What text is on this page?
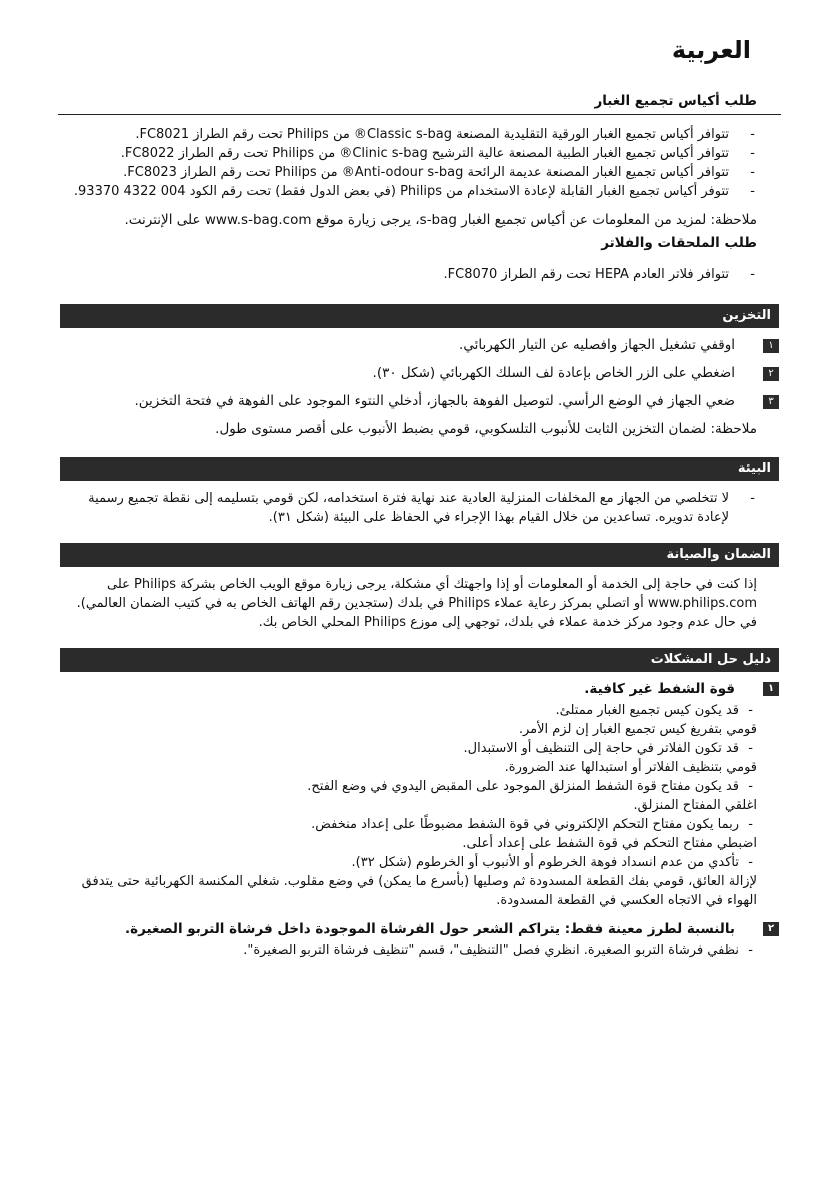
العربية
طلب أكياس تجميع الغبار
- تتوافر أكياس تجميع الغبار الورقية التقليدية المصنعة Classic s-bag® من Philips تحت رقم الطراز FC8021.
- تتوافر أكياس تجميع الغبار الطبية المصنعة عالية الترشيح Clinic s-bag® من Philips تحت رقم الطراز FC8022.
- تتوافر أكياس تجميع الغبار المصنعة عديمة الرائحة Anti-odour s-bag® من Philips تحت رقم الطراز FC8023.
- تتوفر أكياس تجميع الغبار القابلة لإعادة الاستخدام من Philips (في بعض الدول فقط) تحت رقم الكود 004 4322 93370.

ملاحظة: لمزيد من المعلومات عن أكياس تجميع الغبار s-bag، يرجى زيارة موقع www.s-bag.com على الإنترنت.

طلب الملحقات والفلاتر
- تتوافر فلاتر العادم HEPA تحت رقم الطراز FC8070.
التخزين
١اوقفي تشغيل الجهاز وافصليه عن التيار الكهربائي.
٢اضغطي على الزر الخاص بإعادة لف السلك الكهربائي (شكل ٣٠).
٣ضعي الجهاز في الوضع الرأسي. لتوصيل الفوهة بالجهاز، أدخلي النتوء الموجود على الفوهة في فتحة التخزين.

ملاحظة: لضمان التخزين الثابت للأنبوب التلسكوبي، قومي بضبط الأنبوب على أقصر مستوى طول.

البيئة
- لا تتخلصي من الجهاز مع المخلفات المنزلية العادية عند نهاية فترة استخدامه، لكن قومي بتسليمه إلى نقطة تجميع رسمية لإعادة تدويره. تساعدين من خلال القيام بهذا الإجراء في الحفاظ على البيئة (شكل ٣١).
الضمان والصيانة

إذا كنت في حاجة إلى الخدمة أو المعلومات أو إذا واجهتك أي مشكلة، يرجى زيارة موقع الويب الخاص بشركة Philips على www.philips.com أو اتصلي بمركز رعاية عملاء Philips في بلدك (ستجدين رقم الهاتف الخاص به في كتيب الضمان العالمي).

في حال عدم وجود مركز خدمة عملاء في بلدك، توجهي إلى موزع Philips المحلي الخاص بك.

دليل حل المشكلات
١قوة الشفط غير كافية.

- قد يكون كيس تجميع الغبار ممتلئ.

قومي بتفريغ كيس تجميع الغبار إن لزم الأمر.

- قد تكون الفلاتر في حاجة إلى التنظيف أو الاستبدال.

قومي بتنظيف الفلاتر أو استبدالها عند الضرورة.

- قد يكون مفتاح قوة الشفط المنزلق الموجود على المقبض اليدوي في وضع الفتح.

اغلقي المفتاح المنزلق.

- ربما يكون مفتاح التحكم الإلكتروني في قوة الشفط مضبوطًا على إعداد منخفض.

اضبطي مفتاح التحكم في قوة الشفط على إعداد أعلى.

- تأكدي من عدم انسداد فوهة الخرطوم أو الأنبوب أو الخرطوم (شكل ٣٢).

لإزالة العائق، قومي بفك القطعة المسدودة ثم وصليها (بأسرع ما يمكن) في وضع مقلوب. شغلي المكنسة الكهربائية حتى يتدفق الهواء في الاتجاه العكسي في القطعة المسدودة.

٢بالنسبة لطرز معينة فقط: يتراكم الشعر حول الفرشاة الموجودة داخل فرشاة التربو الصغيرة.

- نظفي فرشاة التربو الصغيرة. انظري فصل "التنظيف"، قسم "تنظيف فرشاة التربو الصغيرة".
